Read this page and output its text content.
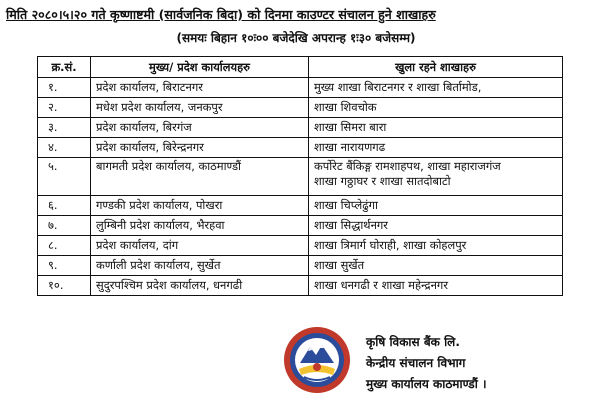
मिति २०८०।५।२० गते कृष्णाष्टमी (सार्वजनिक बिदा) को दिनमा काउण्टर संचालन हुने शाखाहरु
(समयः बिहान १०ः०० बजेदेखि अपरान्ह १ः३० बजेसम्म)
क्र.सं.	मुख्य/ प्रदेश कार्यालयहरु	खुला रहने शाखाहरु
१.	प्रदेश कार्यालय, बिराटनगर	मुख्य शाखा बिराटनगर र शाखा बिर्तामोड,
२.	मधेश प्रदेश कार्यालय, जनकपुर	शाखा शिवचोक
३.	प्रदेश कार्यालय, बिरगंज	शाखा सिमरा बारा
४.	प्रदेश कार्यालय, बिरेन्द्रनगर	शाखा नारायणगढ
५.	बागमती प्रदेश कार्यालय, काठमाण्डौं	कर्पोरेट बैंकिङ्ग रामशाहपथ, शाखा महाराजगंज
शाखा गठ्ठाघर र शाखा सातदोबाटो

६.	गण्डकी प्रदेश कार्यालय, पोखरा	शाखा चिप्लेढुंगा
७.	लुम्बिनी प्रदेश कार्यालय, भैरहवा	शाखा सिद्धार्थनगर
८.	प्रदेश कार्यालय, दांग	शाखा त्रिमार्ग घोराही, शाखा कोहलपुर
९.	कर्णाली प्रदेश कार्यालय, सुर्खेत	शाखा सुर्खेत
१०.	सुदुरपश्चिम प्रदेश कार्यालय, धनगढी	शाखा धनगढी र शाखा महेन्द्रनगर
कृषि विकास बैंक लि.
केन्द्रीय संचालन विभाग
मुख्य कार्यालय काठमाण्डौं ।
